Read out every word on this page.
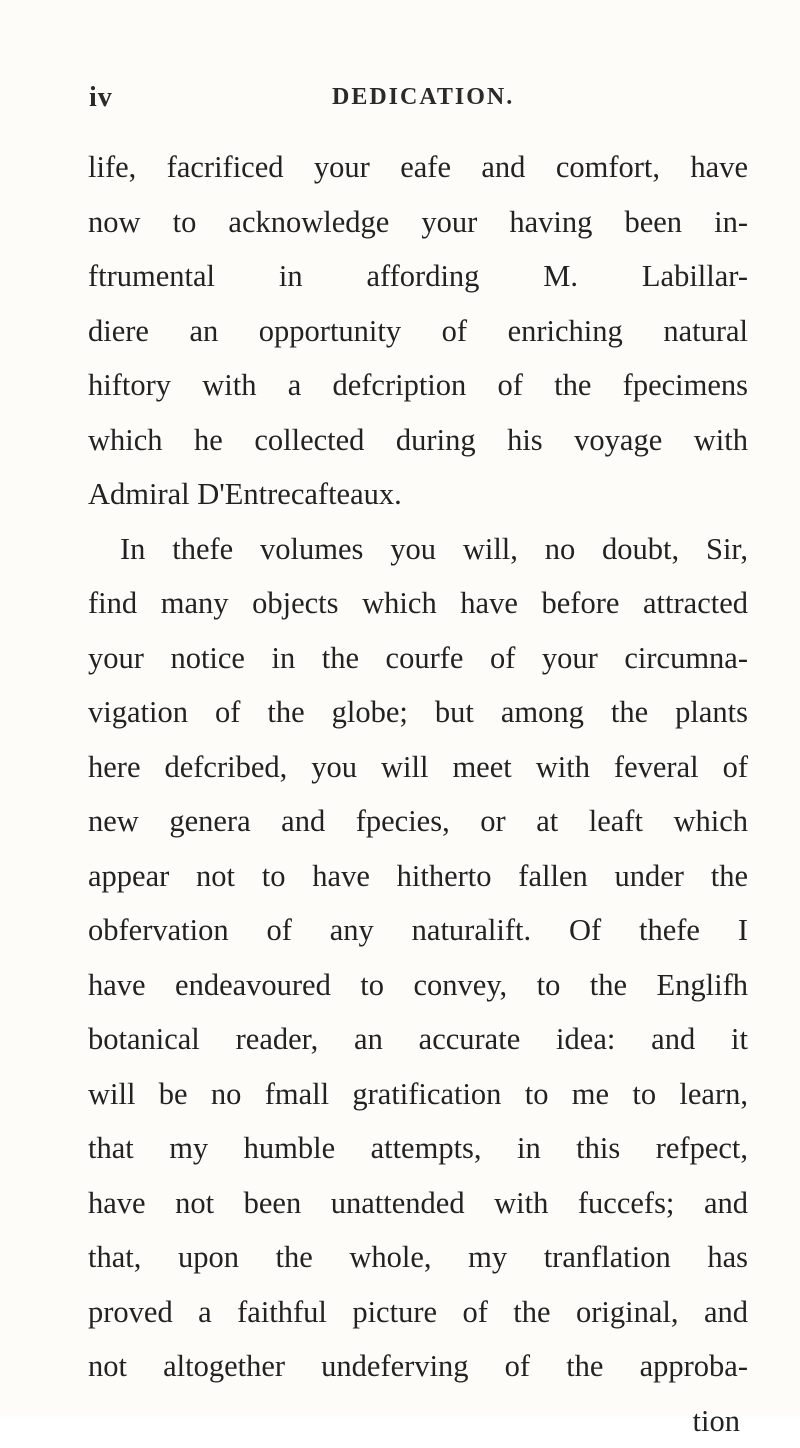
iv	DEDICATION.
life, facrificed your eafe and comfort, have
now to acknowledge your having been in-
ftrumental in affording M. Labillar-
diere an opportunity of enriching natural
hiftory with a defcription of the fpecimens
which he collected during his voyage with
Admiral D'Entrecafteaux.
In thefe volumes you will, no doubt, Sir,
find many objects which have before attracted
your notice in the courfe of your circumna-
vigation of the globe; but among the plants
here defcribed, you will meet with feveral of
new genera and fpecies, or at leaft which
appear not to have hitherto fallen under the
obfervation of any naturalift. Of thefe I
have endeavoured to convey, to the Englifh
botanical reader, an accurate idea: and it
will be no fmall gratification to me to learn,
that my humble attempts, in this refpect,
have not been unattended with fuccefs; and
that, upon the whole, my tranflation has
proved a faithful picture of the original, and
not altogether undeferving of the approba-
tion
